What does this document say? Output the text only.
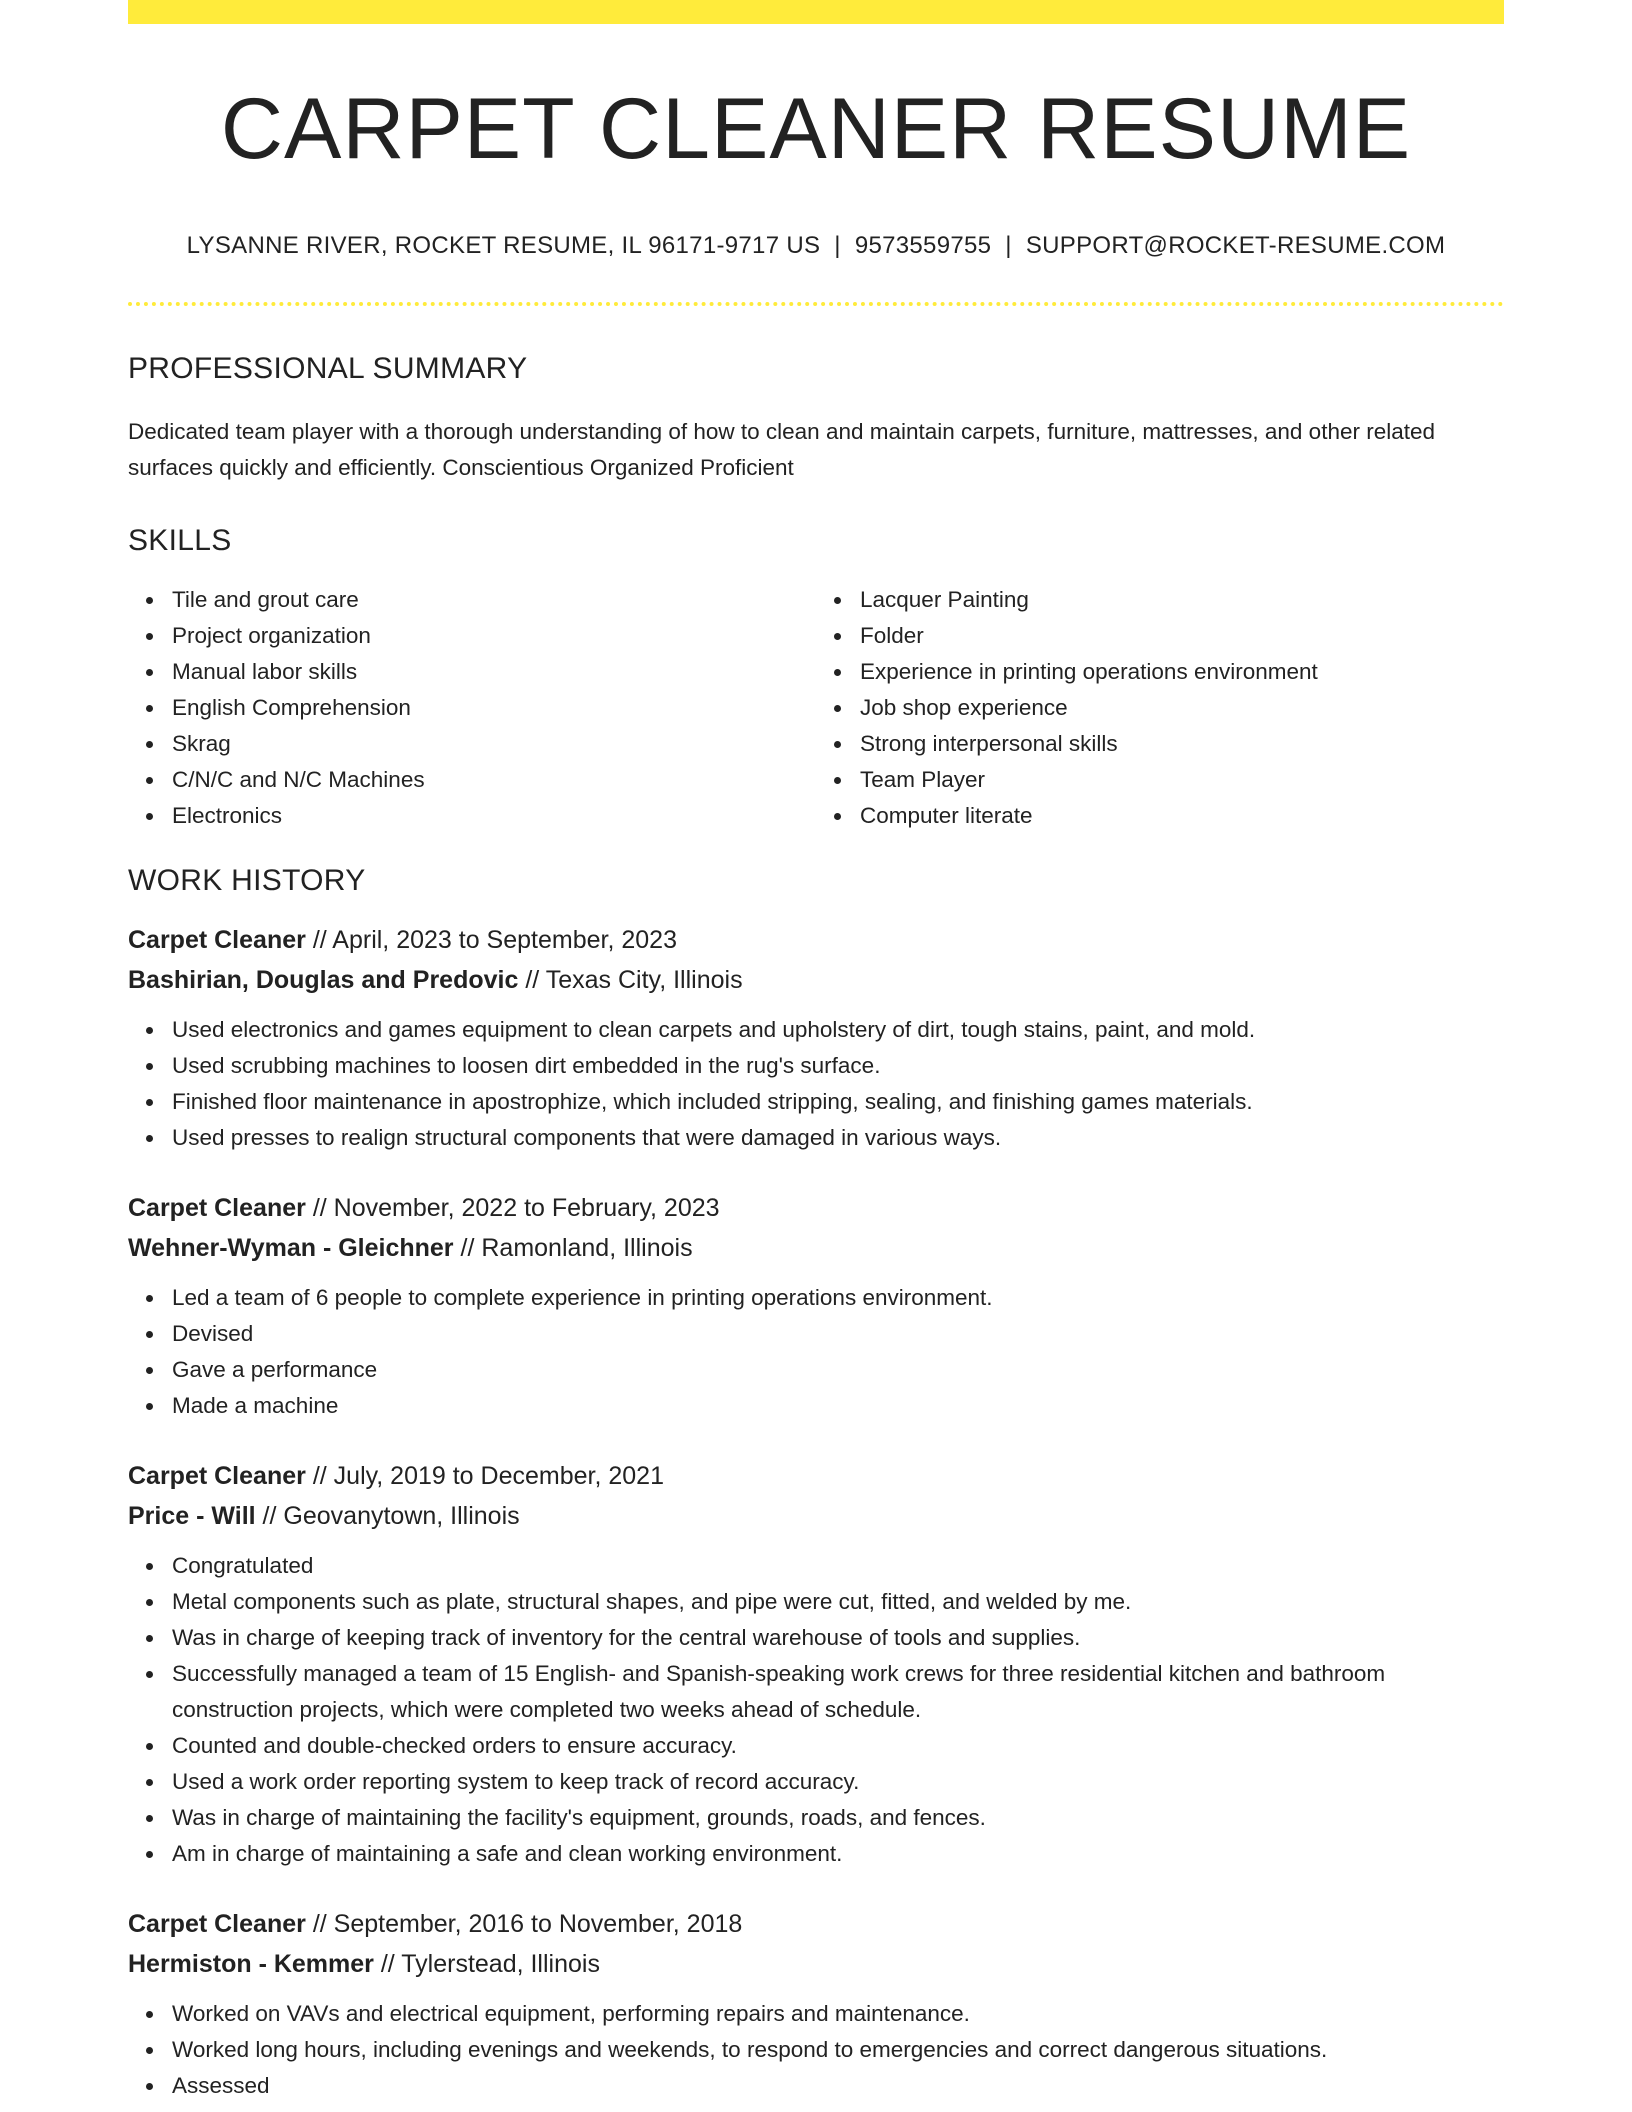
CARPET CLEANER RESUME
LYSANNE RIVER, ROCKET RESUME, IL 96171-9717 US | 9573559755 | SUPPORT@ROCKET-RESUME.COM
PROFESSIONAL SUMMARY
Dedicated team player with a thorough understanding of how to clean and maintain carpets, furniture, mattresses, and other related surfaces quickly and efficiently. Conscientious Organized Proficient
SKILLS
Tile and grout care
Project organization
Manual labor skills
English Comprehension
Skrag
C/N/C and N/C Machines
Electronics
Lacquer Painting
Folder
Experience in printing operations environment
Job shop experience
Strong interpersonal skills
Team Player
Computer literate
WORK HISTORY
Carpet Cleaner // April, 2023 to September, 2023
Bashirian, Douglas and Predovic // Texas City, Illinois
Used electronics and games equipment to clean carpets and upholstery of dirt, tough stains, paint, and mold.
Used scrubbing machines to loosen dirt embedded in the rug's surface.
Finished floor maintenance in apostrophize, which included stripping, sealing, and finishing games materials.
Used presses to realign structural components that were damaged in various ways.
Carpet Cleaner // November, 2022 to February, 2023
Wehner-Wyman - Gleichner // Ramonland, Illinois
Led a team of 6 people to complete experience in printing operations environment.
Devised
Gave a performance
Made a machine
Carpet Cleaner // July, 2019 to December, 2021
Price - Will // Geovanytown, Illinois
Congratulated
Metal components such as plate, structural shapes, and pipe were cut, fitted, and welded by me.
Was in charge of keeping track of inventory for the central warehouse of tools and supplies.
Successfully managed a team of 15 English- and Spanish-speaking work crews for three residential kitchen and bathroom construction projects, which were completed two weeks ahead of schedule.
Counted and double-checked orders to ensure accuracy.
Used a work order reporting system to keep track of record accuracy.
Was in charge of maintaining the facility's equipment, grounds, roads, and fences.
Am in charge of maintaining a safe and clean working environment.
Carpet Cleaner // September, 2016 to November, 2018
Hermiston - Kemmer // Tylerstead, Illinois
Worked on VAVs and electrical equipment, performing repairs and maintenance.
Worked long hours, including evenings and weekends, to respond to emergencies and correct dangerous situations.
Assessed
